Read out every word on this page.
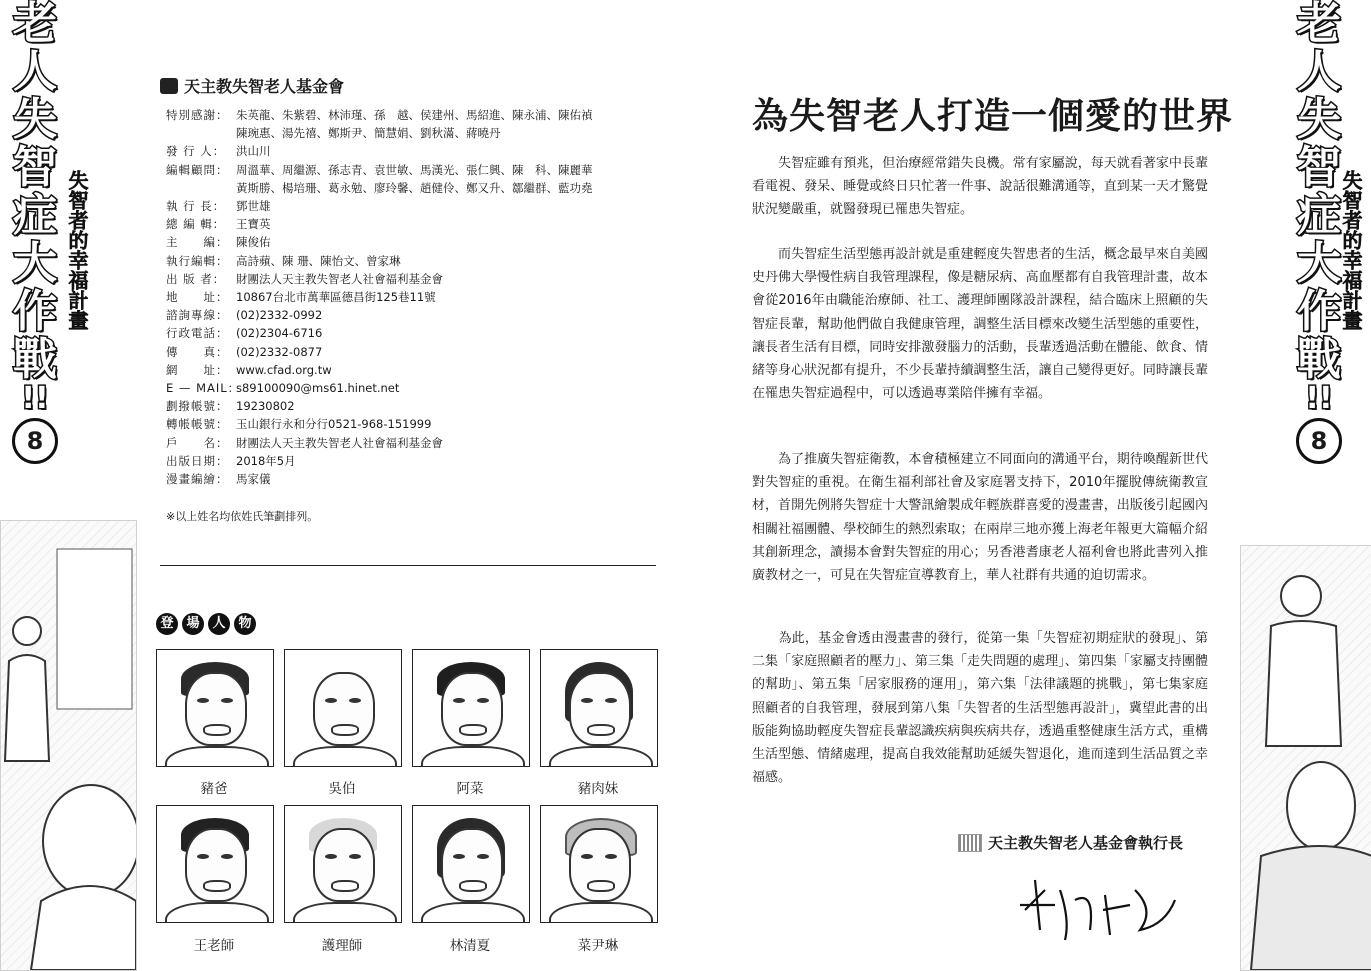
老
人
失
智
症
大
作
戰
!!
8
失智者的幸福計畫
老
人
失
智
症
大
作
戰
!!
8
失智者的幸福計畫
天主教失智老人基金會
特別感謝： 朱英龍、朱紫碧、林沛瑾、孫　越、侯建州、馬紹進、陳永浦、陳佑禎
陳琬惠、湯先禧、鄭斯尹、簡慧娟、劉秋滿、蔣曉丹
發 行 人： 洪山川
編輯顧問： 周溫華、周繼源、孫志青、袁世敏、馬漢光、張仁興、陳　科、陳麗華
黃斯勝、楊培珊、葛永勉、廖玲馨、趙健伶、鄭又升、鄒繼群、藍功堯
執 行 長： 鄧世雄
總 編 輯： 王寶英
主　　編： 陳俊佑
執行編輯： 高詩蘋、陳 珊、陳怡文、曾家琳
出 版 者： 財團法人天主教失智老人社會福利基金會
地　　址： 10867台北市萬華區德昌街125巷11號
諮詢專線： (02)2332-0992
行政電話： (02)2304-6716
傳　　真： (02)2332-0877
網　　址： www.cfad.org.tw
E — MAIL：
s89100090@ms61.hinet.net
劃撥帳號： 19230802
轉帳帳號： 玉山銀行永和分行0521-968-151999
戶　　名： 財團法人天主教失智老人社會福利基金會
出版日期： 2018年5月
漫畫編繪： 馬家儀
※以上姓名均依姓氏筆劃排列。
登 場 人 物
豬爸	吳伯	阿菜	豬肉妹
王老師	護理師	林清夏	菜尹琳
為失智老人打造一個愛的世界
　　失智症雖有預兆，但治療經常錯失良機。常有家屬說，每天就看著家中長輩看電視、發呆、睡覺或終日只忙著一件事、說話很難溝通等，直到某一天才驚覺狀況變嚴重，就醫發現已罹患失智症。
　　而失智症生活型態再設計就是重建輕度失智患者的生活，概念最早來自美國史丹佛大學慢性病自我管理課程，像是糖尿病、高血壓都有自我管理計畫，故本會從2016年由職能治療師、社工、護理師團隊設計課程，結合臨床上照顧的失智症長輩，幫助他們做自我健康管理，調整生活目標來改變生活型態的重要性，讓長者生活有目標，同時安排激發腦力的活動，長輩透過活動在體能、飲食、情緒等身心狀況都有提升，不少長輩持續調整生活，讓自己變得更好。同時讓長輩在罹患失智症過程中，可以透過專業陪伴擁有幸福。
　　為了推廣失智症衛教，本會積極建立不同面向的溝通平台，期待喚醒新世代對失智症的重視。在衛生福利部社會及家庭署支持下，2010年擺脫傳統衛教宣材，首開先例將失智症十大警訊繪製成年輕族群喜愛的漫畫書，出版後引起國內相關社福團體、學校師生的熱烈索取；在兩岸三地亦獲上海老年報更大篇幅介紹其創新理念，讀揚本會對失智症的用心；另香港耆康老人福利會也將此書列入推廣教材之一，可見在失智症宣導教育上，華人社群有共通的迫切需求。
　　為此，基金會透由漫畫書的發行，從第一集「失智症初期症狀的發現」、第二集「家庭照顧者的壓力」、第三集「走失問題的處理」、第四集「家屬支持團體的幫助」、第五集「居家服務的運用」，第六集「法律議題的挑戰」，第七集家庭照顧者的自我管理，發展到第八集「失智者的生活型態再設計」，冀望此書的出版能夠協助輕度失智症長輩認識疾病與疾病共存，透過重整健康生活方式，重構生活型態、情緒處理，提高自我效能幫助延緩失智退化，進而達到生活品質之幸福感。
天主教失智老人基金會執行長
